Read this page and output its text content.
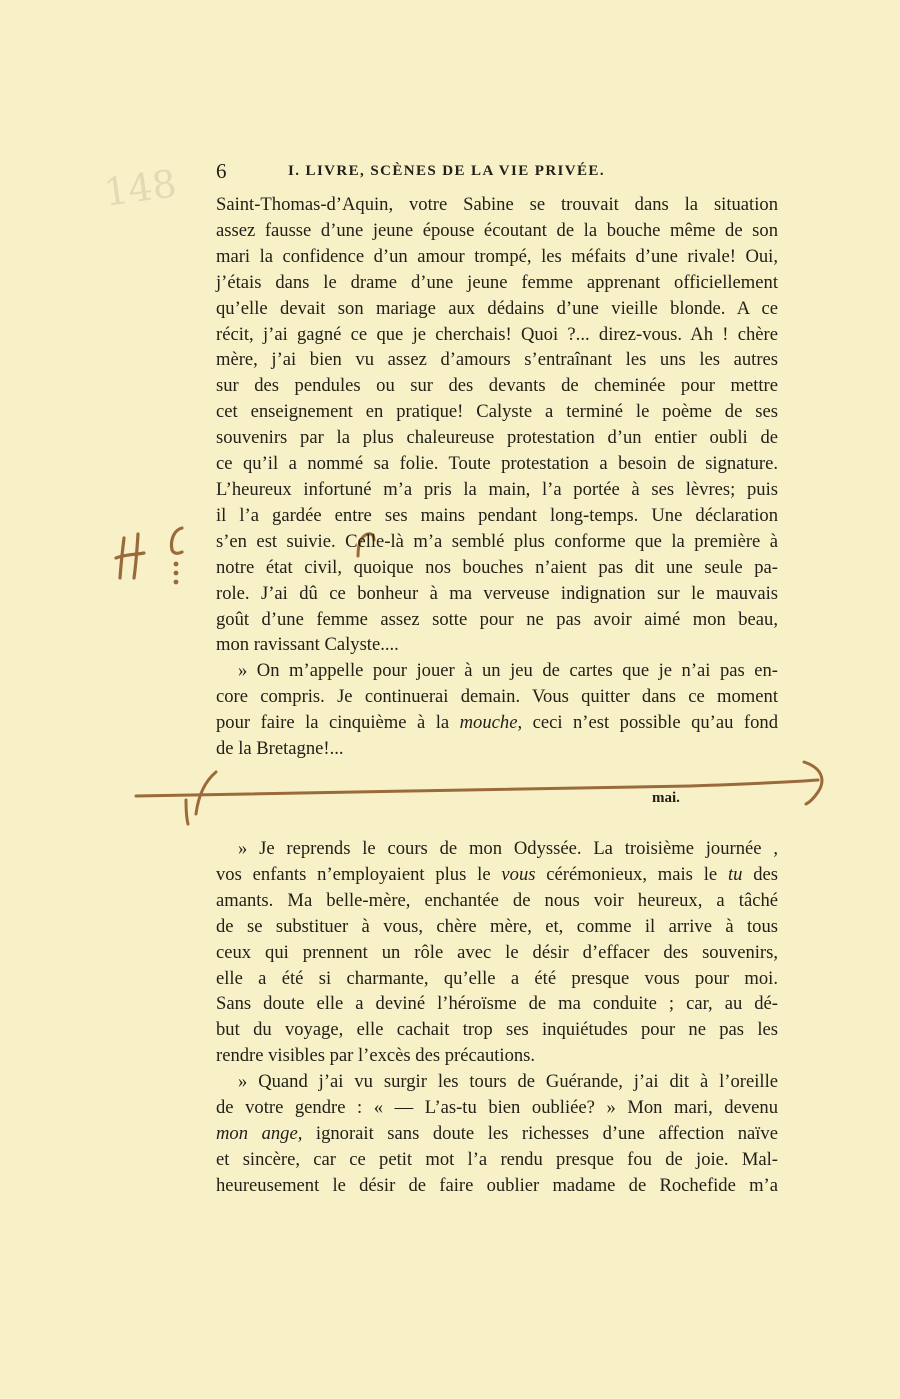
148 6	I. LIVRE, SCÈNES DE LA VIE PRIVÉE.

Saint-Thomas-d’Aquin, votre Sabine se trouvait dans la situation
assez fausse d’une jeune épouse écoutant de la bouche même de son
mari la confidence d’un amour trompé, les méfaits d’une rivale! Oui,
j’étais dans le drame d’une jeune femme apprenant officiellement
qu’elle devait son mariage aux dédains d’une vieille blonde. A ce
récit, j’ai gagné ce que je cherchais! Quoi ?... direz-vous. Ah ! chère
mère, j’ai bien vu assez d’amours s’entraînant les uns les autres
sur des pendules ou sur des devants de cheminée pour mettre
cet enseignement en pratique! Calyste a terminé le poème de ses
souvenirs par la plus chaleureuse protestation d’un entier oubli de
ce qu’il a nommé sa folie. Toute protestation a besoin de signature.
L’heureux infortuné m’a pris la main, l’a portée à ses lèvres; puis
il l’a gardée entre ses mains pendant long-temps. Une déclaration
s’en est suivie. Celle-là m’a semblé plus conforme que la première à
notre état civil, quoique nos bouches n’aient pas dit une seule pa-
role. J’ai dû ce bonheur à ma verveuse indignation sur le mauvais
goût d’une femme assez sotte pour ne pas avoir aimé mon beau,
mon ravissant Calyste....

» On m’appelle pour jouer à un jeu de cartes que je n’ai pas en-
core compris. Je continuerai demain. Vous quitter dans ce moment
pour faire la cinquième à la mouche, ceci n’est possible qu’au fond
de la Bretagne!...

mai.

» Je reprends le cours de mon Odyssée. La troisième journée ,
vos enfants n’employaient plus le vous cérémonieux, mais le tu des
amants. Ma belle-mère, enchantée de nous voir heureux, a tâché
de se substituer à vous, chère mère, et, comme il arrive à tous
ceux qui prennent un rôle avec le désir d’effacer des souvenirs,
elle a été si charmante, qu’elle a été presque vous pour moi.
Sans doute elle a deviné l’héroïsme de ma conduite ; car, au dé-
but du voyage, elle cachait trop ses inquiétudes pour ne pas les
rendre visibles par l’excès des précautions.

» Quand j’ai vu surgir les tours de Guérande, j’ai dit à l’oreille
de votre gendre : « — L’as-tu bien oubliée? » Mon mari, devenu
mon ange, ignorait sans doute les richesses d’une affection naïve
et sincère, car ce petit mot l’a rendu presque fou de joie. Mal-
heureusement le désir de faire oublier madame de Rochefide m’a
